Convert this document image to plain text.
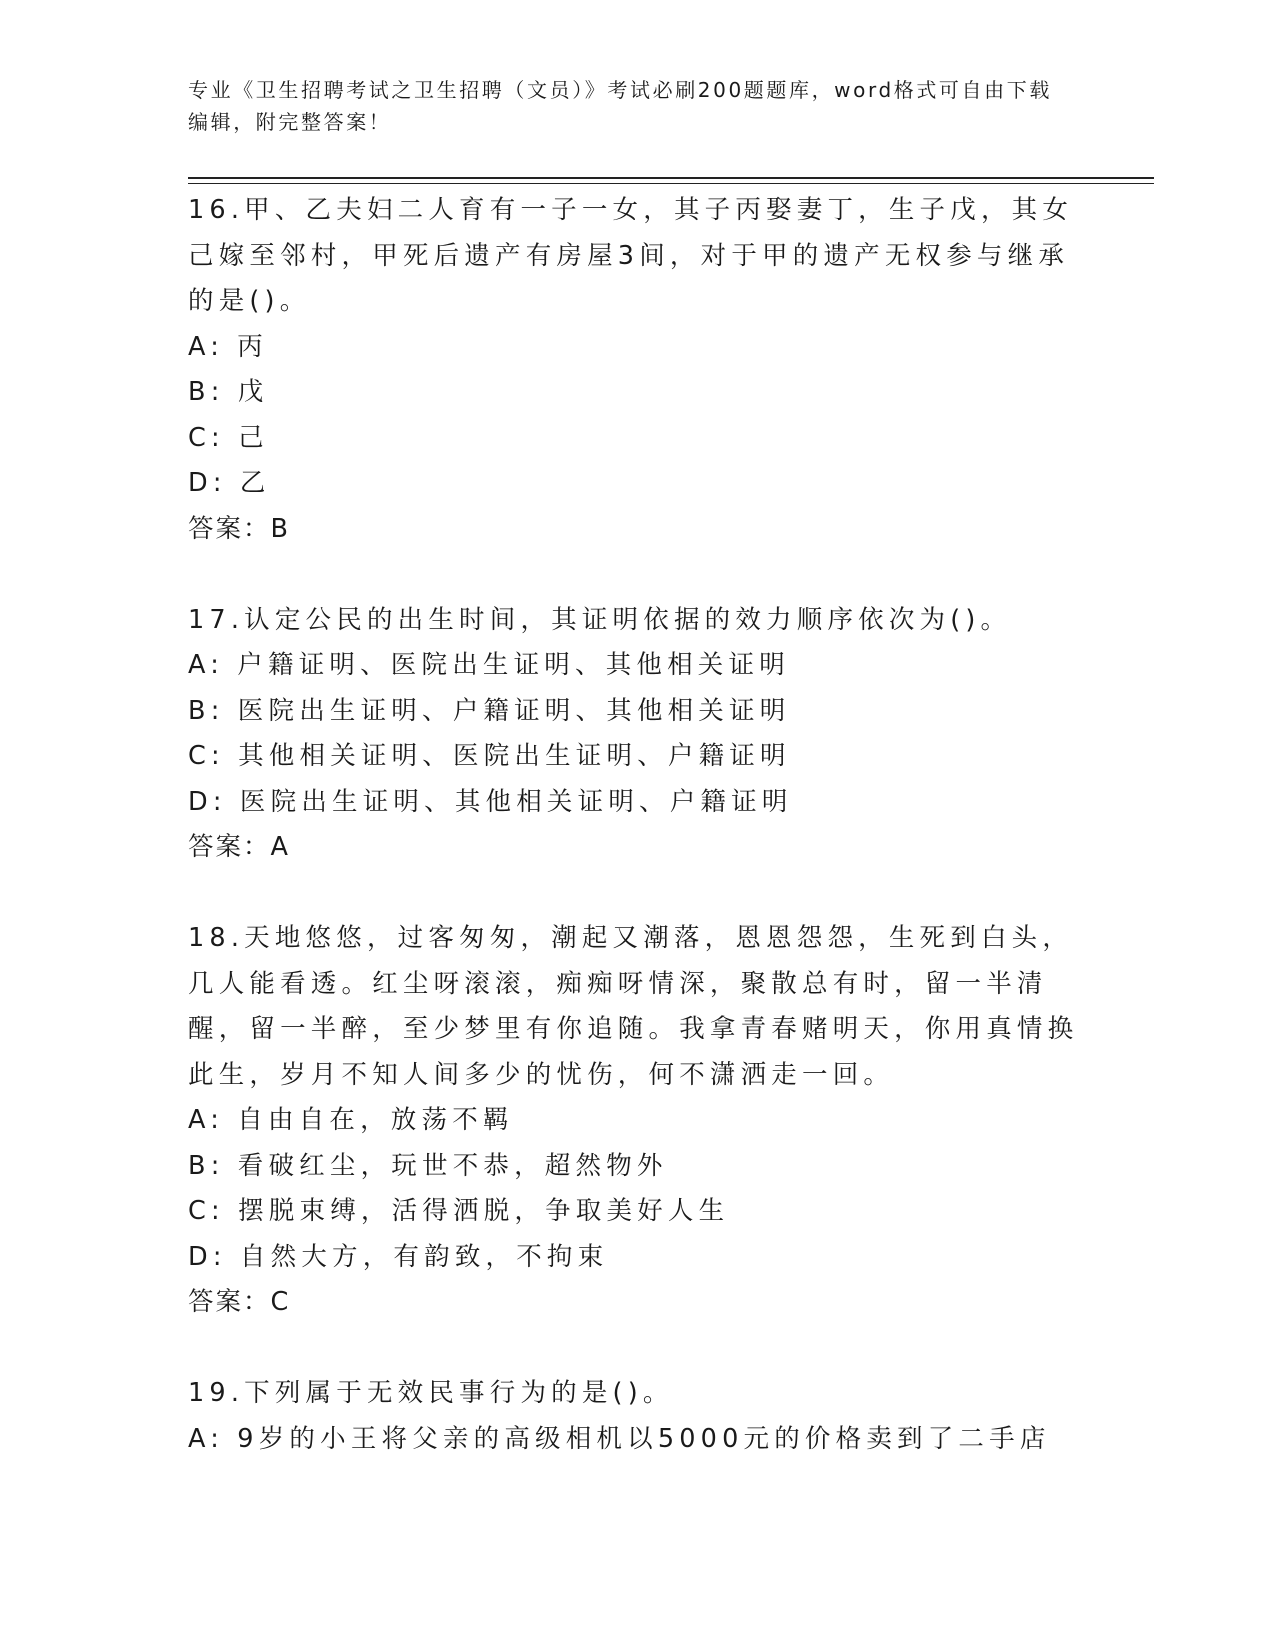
专业《卫生招聘考试之卫生招聘（文员）》考试必刷200题题库，word格式可自由下载编辑，附完整答案！

16.甲、乙夫妇二人育有一子一女，其子丙娶妻丁，生子戊，其女己嫁至邻村，甲死后遗产有房屋3间，对于甲的遗产无权参与继承的是()。

A: 丙

B: 戊

C: 己

D: 乙

答案：B

17.认定公民的出生时间，其证明依据的效力顺序依次为()。

A: 户籍证明、医院出生证明、其他相关证明

B: 医院出生证明、户籍证明、其他相关证明

C: 其他相关证明、医院出生证明、户籍证明

D: 医院出生证明、其他相关证明、户籍证明

答案：A

18.天地悠悠，过客匆匆，潮起又潮落，恩恩怨怨，生死到白头，几人能看透。红尘呀滚滚，痴痴呀情深，聚散总有时，留一半清醒，留一半醉，至少梦里有你追随。我拿青春赌明天，你用真情换此生，岁月不知人间多少的忧伤，何不潇洒走一回。

A: 自由自在，放荡不羁

B: 看破红尘，玩世不恭，超然物外

C: 摆脱束缚，活得洒脱，争取美好人生

D: 自然大方，有韵致，不拘束

答案：C

19.下列属于无效民事行为的是()。

A: 9岁的小王将父亲的高级相机以5000元的价格卖到了二手店
